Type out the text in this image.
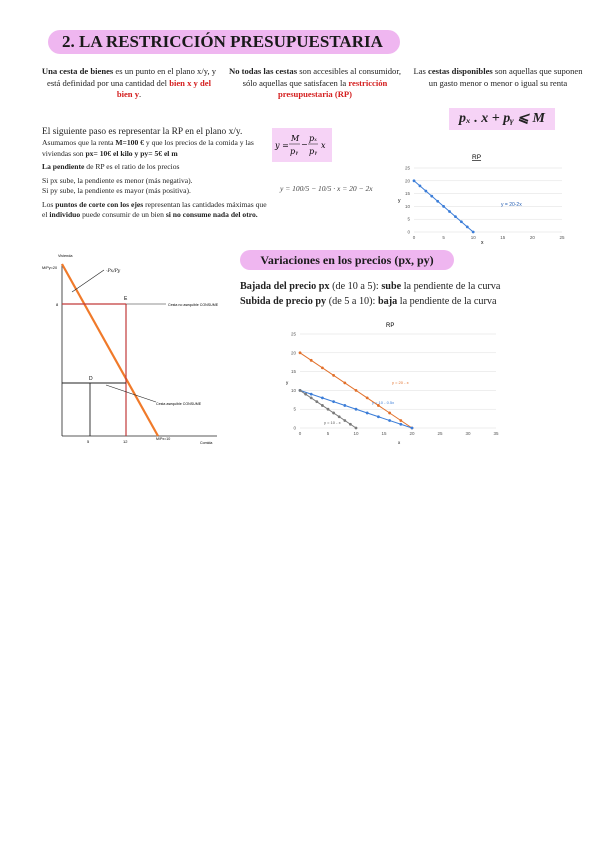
2. LA RESTRICCIÓN PRESUPUESTARIA
Una cesta de bienes es un punto en el plano x/y, y está definidad por una cantidad del bien x y del bien y.
No todas las cestas son accesibles al consumidor, sólo aquellas que satisfacen la restricción presupuestaria (RP)
Las cestas disponibles son aquellas que suponen un gasto menor o menor o igual su renta
pₓ . x + pᵧ ⩽ M
El siguiente paso es representar la RP en el plano x/y.
Asumamos que la renta M=100 € y que los precios de la comida y las viviendas son px= 10€ el kilo y py= 5€ el m
La pendiente de RP es el ratio de los precios
Si px sube, la pendiente es menor (más negativa).
Si py sube, la pendiente es mayor (más positiva).
Los puntos de corte con los ejes representan las cantidades máximas que el individuo puede consumir de un bien si no consume nada del otro.
y =
M
pᵧ
−
pₓ
pᵧ
x
y = 100/5 − 10/5 · x = 20 − 2x
RP
25
20
15
10
5
0
0	5	10	15	20	25
y = 20-2x
y
x
Vivienda
M/Py=20
-Px/Py
E
Cesta no asequible CONSUME
8
D
Cesta asequible CONSUME
5	12	M/Px=10
Comida
Variaciones en los precios (px, py)
Bajada del precio px (de 10 a 5): sube la pendiente de la curva
Subida de precio py (de 5 a 10): baja la pendiente de la curva
RP
25
20
15
10
5
0
0	5	10	15	20	25	30	35
y = 20 - x
y = 10 - 0.5x
y = 10 - x
y
x
